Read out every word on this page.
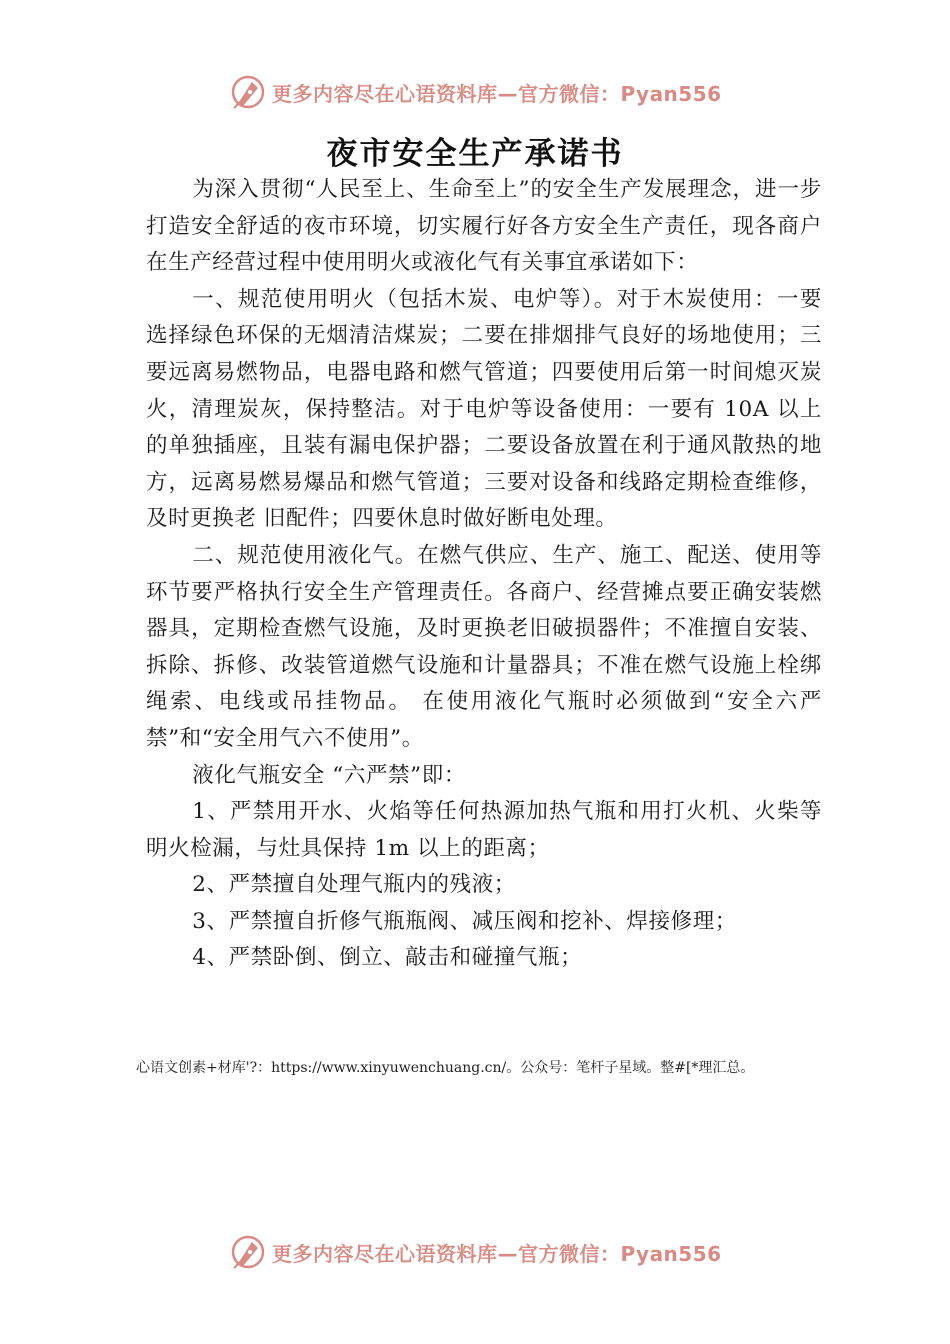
更多内容尽在心语资料库—官方微信：Pyan556
夜市安全生产承诺书

为深入贯彻“人民至上、生命至上”的安全生产发展理念，进一步打造安全舒适的夜市环境，切实履行好各方安全生产责任，现各商户在生产经营过程中使用明火或液化气有关事宜承诺如下：

一、规范使用明火（包括木炭、电炉等）。对于木炭使用：一要选择绿色环保的无烟清洁煤炭；二要在排烟排气良好的场地使用；三要远离易燃物品，电器电路和燃气管道；四要使用后第一时间熄灭炭火，清理炭灰，保持整洁。对于电炉等设备使用：一要有 10A 以上的单独插座，且装有漏电保护器；二要设备放置在利于通风散热的地方，远离易燃易爆品和燃气管道；三要对设备和线路定期检查维修，及时更换老 旧配件；四要休息时做好断电处理。

二、规范使用液化气。在燃气供应、生产、施工、配送、使用等环节要严格执行安全生产管理责任。各商户、经营摊点要正确安装燃器具，定期检查燃气设施，及时更换老旧破损器件；不准擅自安装、拆除、拆修、改装管道燃气设施和计量器具；不准在燃气设施上栓绑绳索、电线或吊挂物品。 在使用液化气瓶时必须做到“安全六严禁”和“安全用气六不使用”。

液化气瓶安全 “六严禁”即：

1、严禁用开水、火焰等任何热源加热气瓶和用打火机、火柴等明火检漏，与灶具保持 1m 以上的距离；

2、严禁擅自处理气瓶内的残液；

3、严禁擅自折修气瓶瓶阀、减压阀和挖补、焊接修理；

4、严禁卧倒、倒立、敲击和碰撞气瓶；

心语文创素+材库'?：https://www.xinyuwenchuang.cn/。公众号：笔杆子星域。整#[*理汇总。
更多内容尽在心语资料库—官方微信：Pyan556
